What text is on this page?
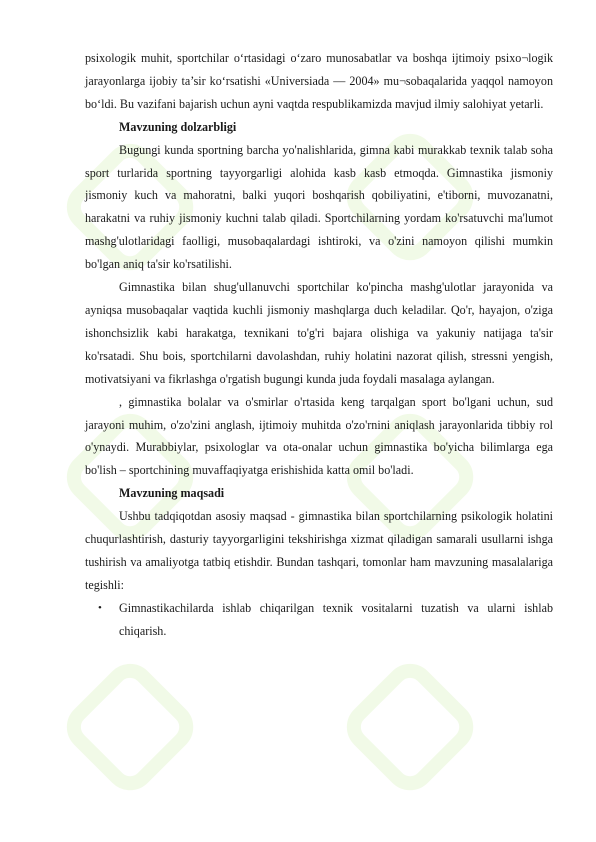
psixologik muhit, sportchilar o‘rtasidagi o‘zaro munosabatlar va boshqa ijtimoiy psixo¬logik jarayonlarga ijobiy ta’sir ko‘rsatishi «Universiada — 2004» mu¬sobaqalarida yaqqol namoyon bo‘ldi. Bu vazifani bajarish uchun ayni vaqtda respublikamizda mavjud ilmiy salohiyat yetarli.

Mavzuning dolzarbligi

Bugungi kunda sportning barcha yo'nalishlarida, gimna kabi murakkab texnik talab soha sport turlarida sportning tayyorgarligi alohida kasb kasb etmoqda. Gimnastika jismoniy jismoniy kuch va mahoratni, balki yuqori boshqarish qobiliyatini, e'tiborni, muvozanatni, harakatni va ruhiy jismoniy kuchni talab qiladi. Sportchilarning yordam ko'rsatuvchi ma'lumot mashg'ulotlaridagi faolligi, musobaqalardagi ishtiroki, va o'zini namoyon qilishi mumkin bo'lgan aniq ta'sir ko'rsatilishi.

Gimnastika bilan shug'ullanuvchi sportchilar ko'pincha mashg'ulotlar jarayonida va ayniqsa musobaqalar vaqtida kuchli jismoniy mashqlarga duch keladilar. Qo'r, hayajon, o'ziga ishonchsizlik kabi harakatga, texnikani to'g'ri bajara olishiga va yakuniy natijaga ta'sir ko'rsatadi. Shu bois, sportchilarni davolashdan, ruhiy holatini nazorat qilish, stressni yengish, motivatsiyani va fikrlashga o'rgatish bugungi kunda juda foydali masalaga aylangan.

, gimnastika bolalar va o'smirlar o'rtasida keng tarqalgan sport bo'lgani uchun, sud jarayoni muhim, o'zo'zini anglash, ijtimoiy muhitda o'zo'rnini aniqlash jarayonlarida tibbiy rol o'ynaydi. Murabbiylar, psixologlar va ota-onalar uchun gimnastika bo'yicha bilimlarga ega bo'lish – sportchining muvaffaqiyatga erishishida katta omil bo'ladi.

Mavzuning maqsadi

Ushbu tadqiqotdan asosiy maqsad - gimnastika bilan sportchilarning psikologik holatini chuqurlashtirish, dasturiy tayyorgarligini tekshirishga xizmat qiladigan samarali usullarni ishga tushirish va amaliyotga tatbiq etishdir. Bundan tashqari, tomonlar ham mavzuning masalalariga tegishli:

• Gimnastikachilarda ishlab chiqarilgan texnik vositalarni tuzatish va ularni ishlab chiqarish.
